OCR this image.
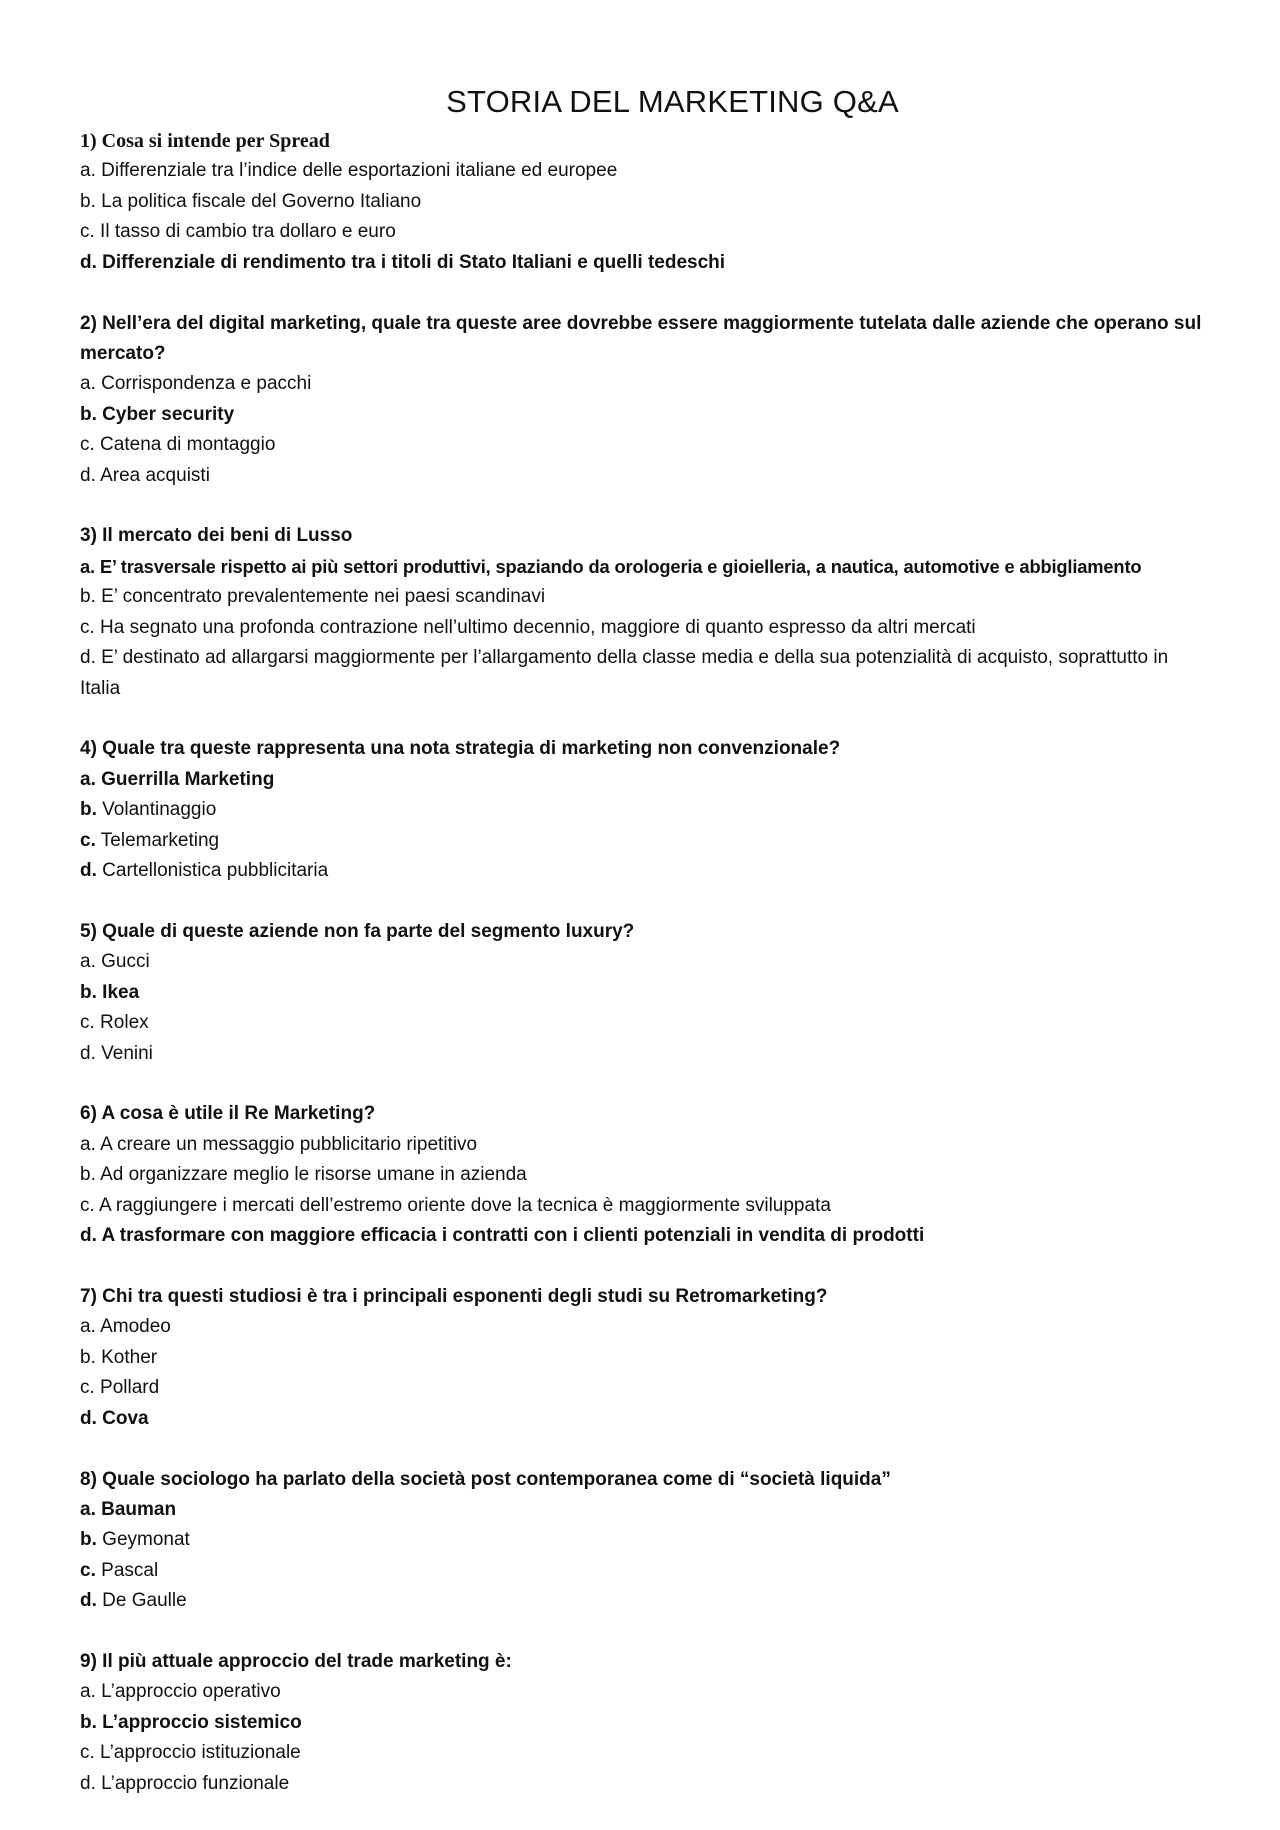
STORIA DEL MARKETING Q&A

1) Cosa si intende per Spread

a. Differenziale tra l’indice delle esportazioni italiane ed europee

b. La politica fiscale del Governo Italiano

c. Il tasso di cambio tra dollaro e euro

d. Differenziale di rendimento tra i titoli di Stato Italiani e quelli tedeschi

2) Nell’era del digital marketing, quale tra queste aree dovrebbe essere maggiormente tutelata dalle aziende che operano sul mercato?

a. Corrispondenza e pacchi

b. Cyber security

c. Catena di montaggio

d. Area acquisti

3) Il mercato dei beni di Lusso

a. E’ trasversale rispetto ai più settori produttivi, spaziando da orologeria e gioielleria, a nautica, automotive e abbigliamento

b. E’ concentrato prevalentemente nei paesi scandinavi

c. Ha segnato una profonda contrazione nell’ultimo decennio, maggiore di quanto espresso da altri mercati

d. E’ destinato ad allargarsi maggiormente per l’allargamento della classe media e della sua potenzialità di acquisto, soprattutto in Italia

4) Quale tra queste rappresenta una nota strategia di marketing non convenzionale?

a. Guerrilla Marketing

b. Volantinaggio

c. Telemarketing

d. Cartellonistica pubblicitaria

5) Quale di queste aziende non fa parte del segmento luxury?

a. Gucci

b. Ikea

c. Rolex

d. Venini

6) A cosa è utile il Re Marketing?

a. A creare un messaggio pubblicitario ripetitivo

b. Ad organizzare meglio le risorse umane in azienda

c. A raggiungere i mercati dell’estremo oriente dove la tecnica è maggiormente sviluppata

d. A trasformare con maggiore efficacia i contratti con i clienti potenziali in vendita di prodotti

7) Chi tra questi studiosi è tra i principali esponenti degli studi su Retromarketing?

a. Amodeo

b. Kother

c. Pollard

d. Cova

8) Quale sociologo ha parlato della società post contemporanea come di “società liquida”

a. Bauman

b. Geymonat

c. Pascal

d. De Gaulle

9) Il più attuale approccio del trade marketing è:

a. L’approccio operativo

b. L’approccio sistemico

c. L’approccio istituzionale

d. L’approccio funzionale
